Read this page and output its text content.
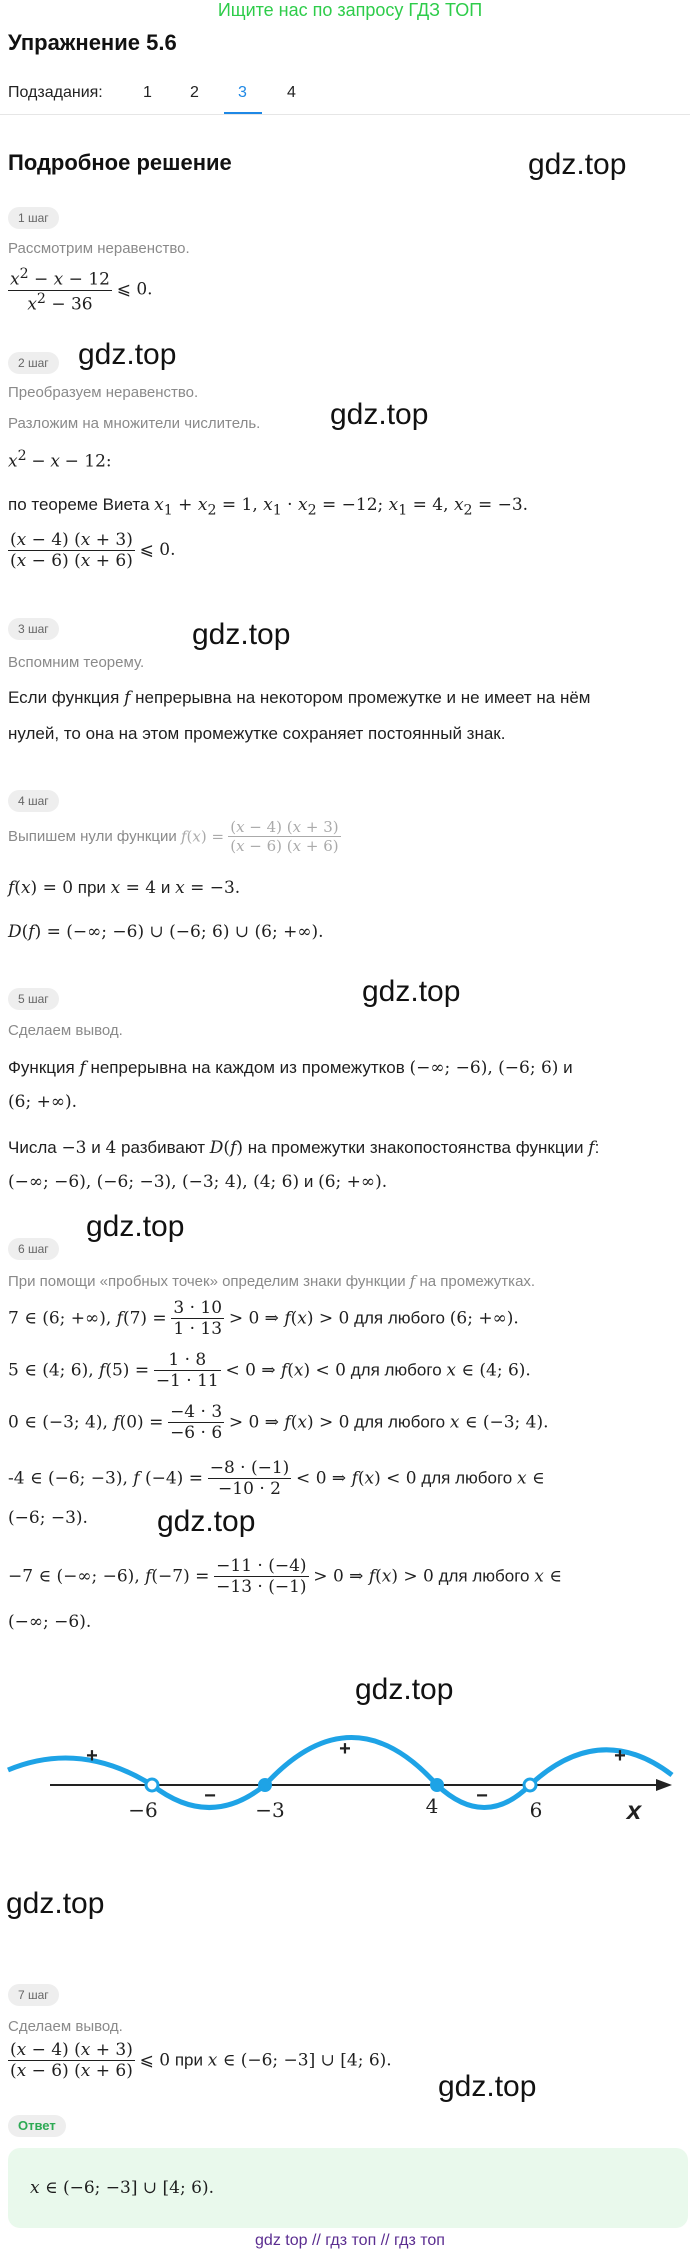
Ищите нас по запросу ГДЗ ТОП
Упражнение 5.6
Подзадания:	1 2 3	4
Подробное решение	gdz.top
gdz.top
gdz.top
gdz.top
gdz.top
gdz.top
gdz.top
gdz.top
gdz.top
gdz.top
1 шаг
Рассмотрим неравенство.
$\frac{x^2 - x - 12}{x^2 - 36}$ ⩽ 0.
2 шаг
Преобразуем неравенство.
Разложим на множители числитель.
$x^2 - x - 12$:
по теореме Виета $x_1 + x_2 = 1$, $x_1 \cdot x_2 = -12$; $x_1 = 4$, $x_2 = -3$.
$\frac{(x - 4) (x + 3)}{(x - 6) (x + 6)}$ ⩽ 0.
3 шаг
Вспомним теорему.
Если функция f непрерывна на некотором промежутке и не имеет на нём
нулей, то она на этом промежутке сохраняет постоянный знак.
4 шаг
Выпишем нули функции $f(x) = \frac{(x - 4) (x + 3)}{(x - 6) (x + 6)}$
f(x) = 0 при x = 4 и x = −3.
D(f) = (−∞; −6) ∪ (−6; 6) ∪ (6; +∞).
5 шаг
Сделаем вывод.
Функция f непрерывна на каждом из промежутков (−∞; −6), (−6; 6) и
(6; +∞).
Числа −3 и 4 разбивают D(f) на промежутки знакопостоянства функции f:
(−∞; −6), (−6; −3), (−3; 4), (4; 6) и (6; +∞).
6 шаг
При помощи «пробных точек» определим знаки функции f на промежутках.
7 ∈ (6; +∞), $f(7) = \frac{3 \cdot 10}{1 \cdot 13} > 0$ ⇒ f(x) > 0 для любого (6; +∞).
5 ∈ (4; 6), $f(5) = \frac{1 \cdot 8}{-1 \cdot 11} < 0$ ⇒ f(x) < 0 для любого x ∈ (4; 6).
0 ∈ (−3; 4), $f(0) = \frac{-4 \cdot 3}{-6 \cdot 6} > 0$ ⇒ f(x) > 0 для любого x ∈ (−3; 4).
-4 ∈ (−6; −3), f $(-4) = \frac{-8 \cdot (-1)}{-10 \cdot 2} < 0$ ⇒ f(x) < 0 для любого x ∈
(−6; −3).
−7 ∈ (−∞; −6), $f(-7) = \frac{-11 \cdot (-4)}{-13 \cdot (-1)} > 0$ ⇒ f(x) > 0 для любого x ∈
(−∞; −6).
−6	−3	4	6
+
−
+
−
+
x
7 шаг
Сделаем вывод.
$\frac{(x - 4) (x + 3)}{(x - 6) (x + 6)}$ ⩽ 0 при x ∈ (−6; −3] ∪ [4; 6).
Ответ
x ∈ (−6; −3] ∪ [4; 6).
gdz top // гдз топ // гдз топ
